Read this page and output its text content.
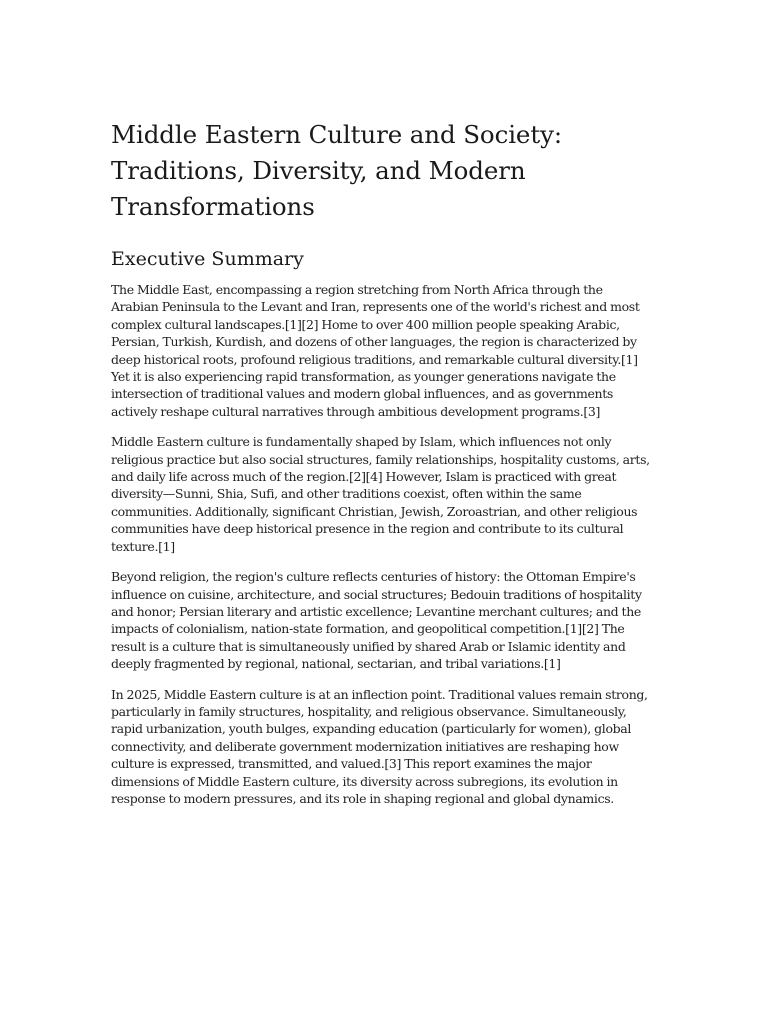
Middle Eastern Culture and Society: Traditions, Diversity, and Modern Transformations
Executive Summary

The Middle East, encompassing a region stretching from North Africa through the Arabian Peninsula to the Levant and Iran, represents one of the world's richest and most complex cultural landscapes.[1][2] Home to over 400 million people speaking Arabic, Persian, Turkish, Kurdish, and dozens of other languages, the region is characterized by deep historical roots, profound religious traditions, and remarkable cultural diversity.[1] Yet it is also experiencing rapid transformation, as younger generations navigate the intersection of traditional values and modern global influences, and as governments actively reshape cultural narratives through ambitious development programs.[3]

Middle Eastern culture is fundamentally shaped by Islam, which influences not only religious practice but also social structures, family relationships, hospitality customs, arts, and daily life across much of the region.[2][4] However, Islam is practiced with great diversity—Sunni, Shia, Sufi, and other traditions coexist, often within the same communities. Additionally, significant Christian, Jewish, Zoroastrian, and other religious communities have deep historical presence in the region and contribute to its cultural texture.[1]

Beyond religion, the region's culture reflects centuries of history: the Ottoman Empire's influence on cuisine, architecture, and social structures; Bedouin traditions of hospitality and honor; Persian literary and artistic excellence; Levantine merchant cultures; and the impacts of colonialism, nation-state formation, and geopolitical competition.[1][2] The result is a culture that is simultaneously unified by shared Arab or Islamic identity and deeply fragmented by regional, national, sectarian, and tribal variations.[1]

In 2025, Middle Eastern culture is at an inflection point. Traditional values remain strong, particularly in family structures, hospitality, and religious observance. Simultaneously, rapid urbanization, youth bulges, expanding education (particularly for women), global connectivity, and deliberate government modernization initiatives are reshaping how culture is expressed, transmitted, and valued.[3] This report examines the major dimensions of Middle Eastern culture, its diversity across subregions, its evolution in response to modern pressures, and its role in shaping regional and global dynamics.
